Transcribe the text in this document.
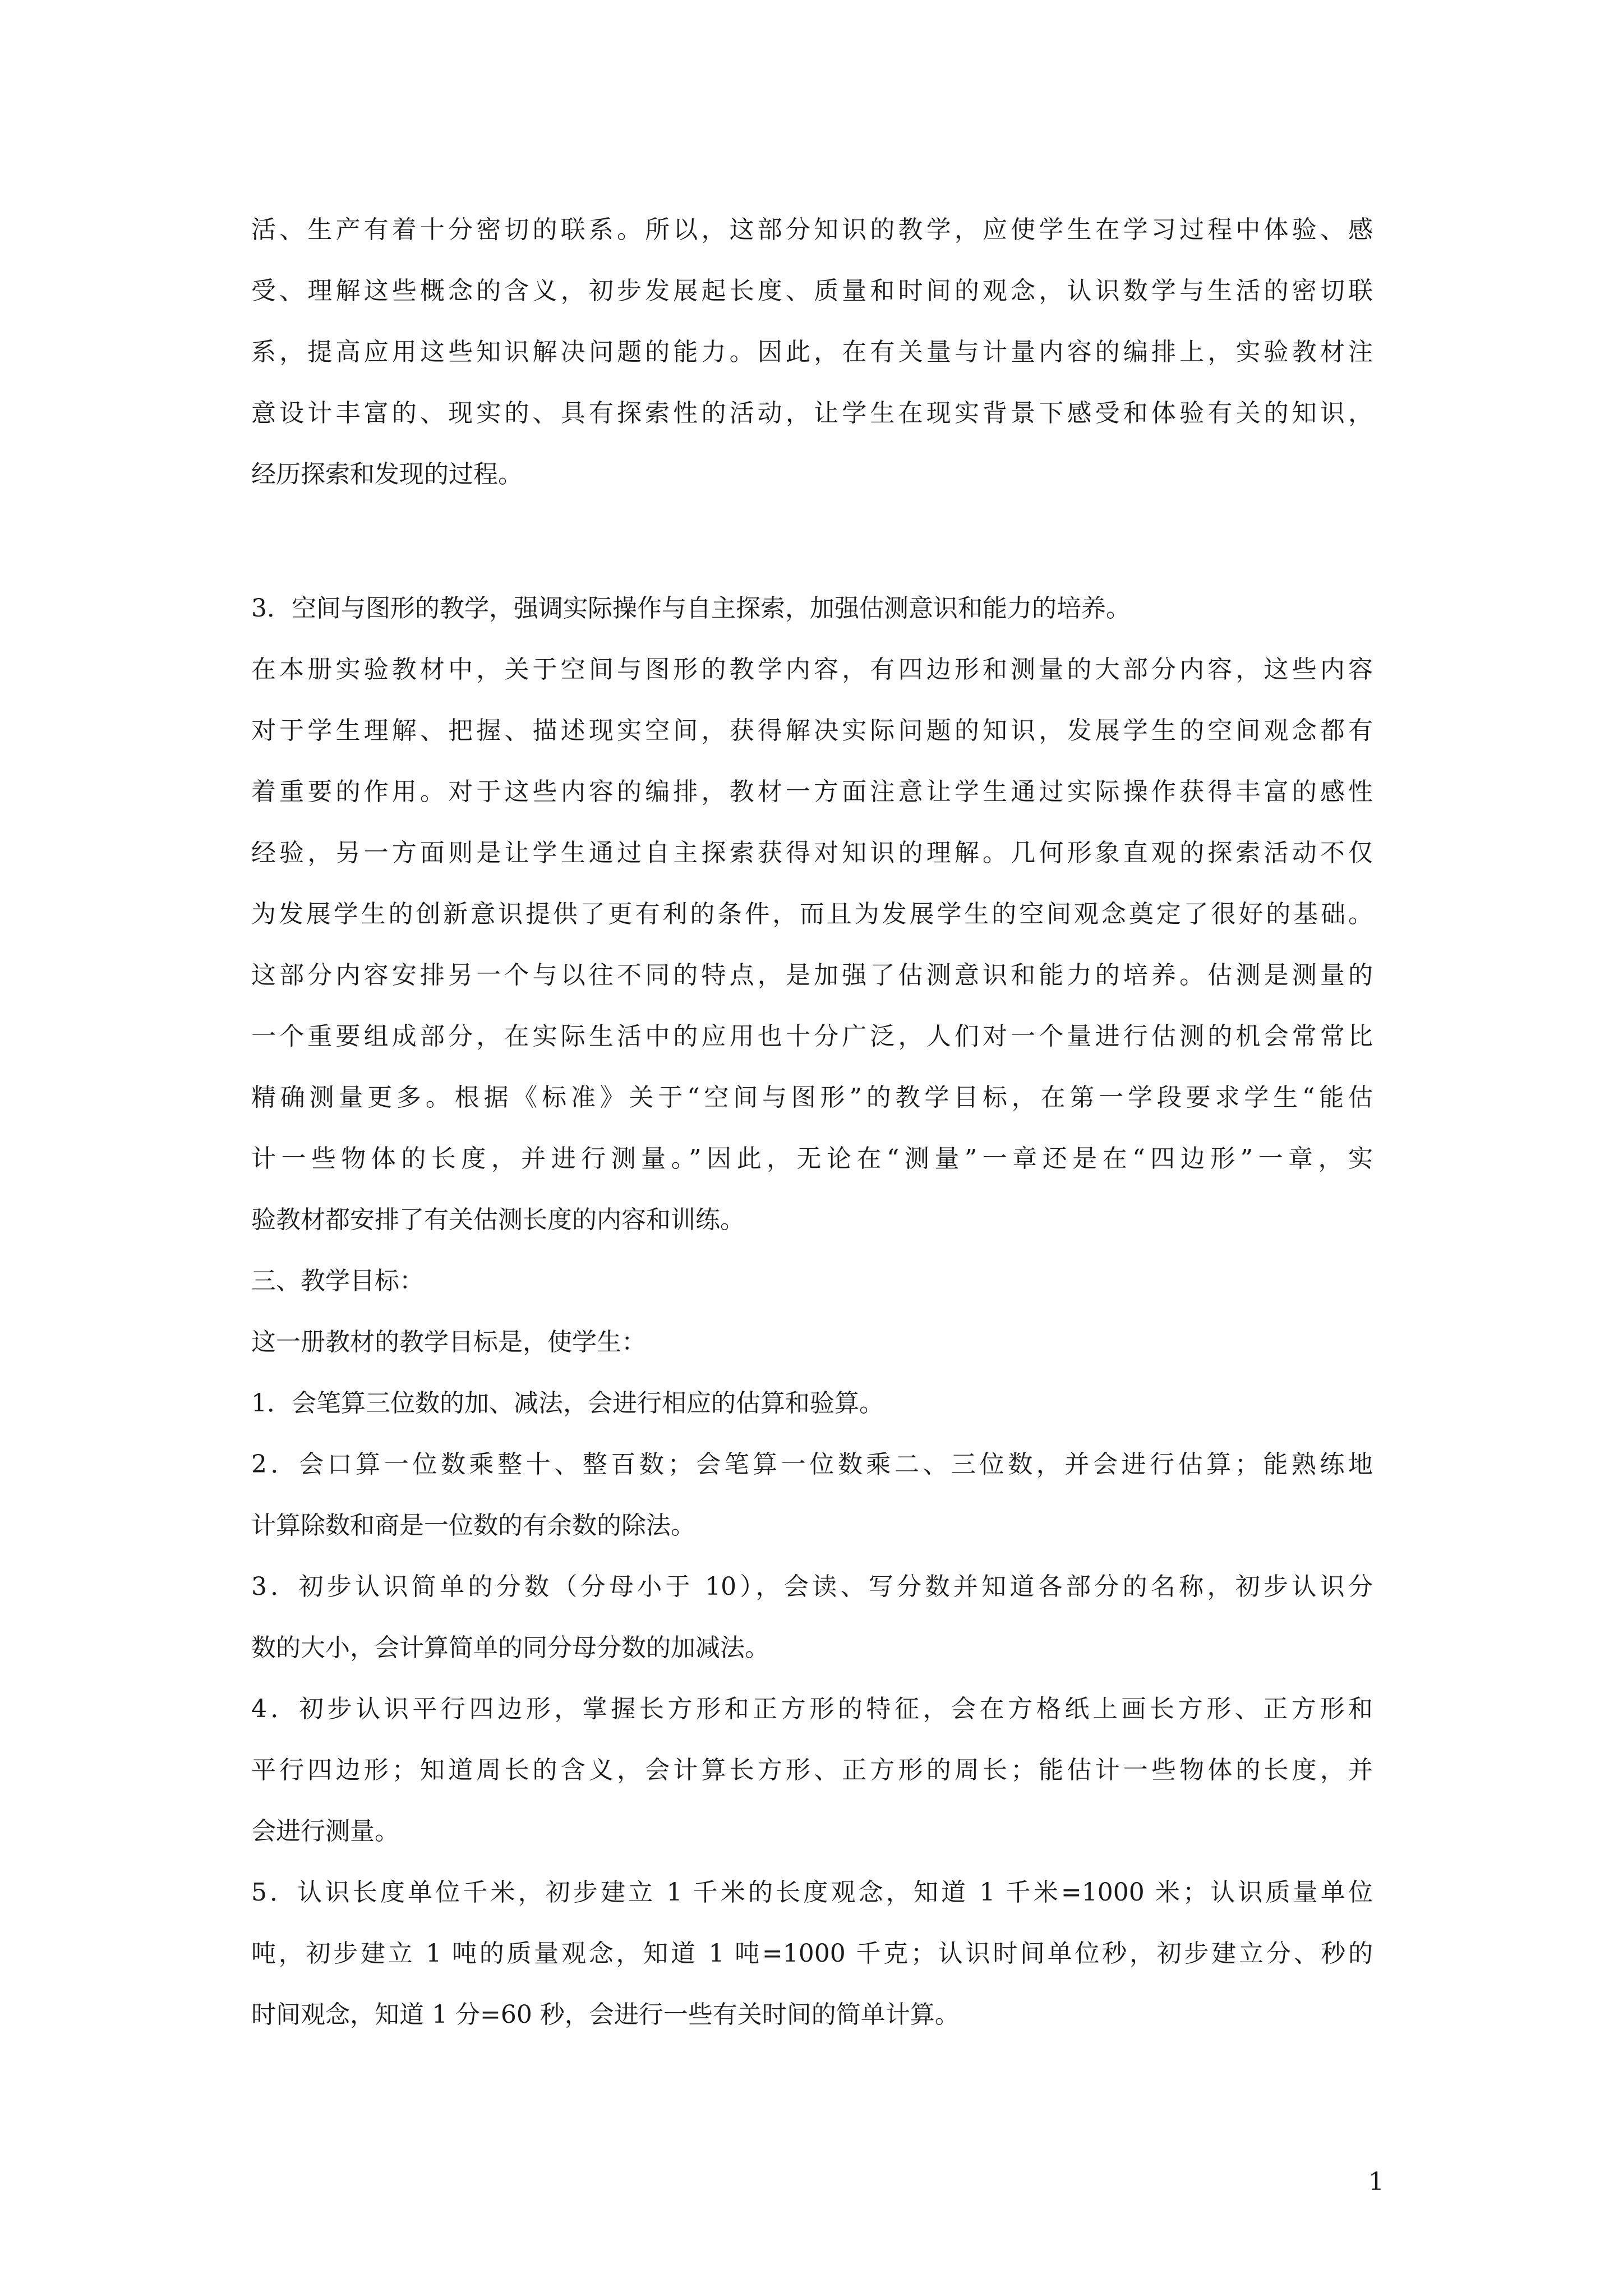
活、生产有着十分密切的联系。所以，这部分知识的教学，应使学生在学习过程中体验、感
受、理解这些概念的含义，初步发展起长度、质量和时间的观念，认识数学与生活的密切联
系，提高应用这些知识解决问题的能力。因此，在有关量与计量内容的编排上，实验教材注
意设计丰富的、现实的、具有探索性的活动，让学生在现实背景下感受和体验有关的知识，
经历探索和发现的过程。
3．空间与图形的教学，强调实际操作与自主探索，加强估测意识和能力的培养。
在本册实验教材中，关于空间与图形的教学内容，有四边形和测量的大部分内容，这些内容
对于学生理解、把握、描述现实空间，获得解决实际问题的知识，发展学生的空间观念都有
着重要的作用。对于这些内容的编排，教材一方面注意让学生通过实际操作获得丰富的感性
经验，另一方面则是让学生通过自主探索获得对知识的理解。几何形象直观的探索活动不仅
为发展学生的创新意识提供了更有利的条件，而且为发展学生的空间观念奠定了很好的基础。
这部分内容安排另一个与以往不同的特点，是加强了估测意识和能力的培养。估测是测量的
一个重要组成部分，在实际生活中的应用也十分广泛，人们对一个量进行估测的机会常常比
精确测量更多。根据《标准》关于“空间与图形”的教学目标，在第一学段要求学生“能估
计一些物体的长度，并进行测量。”因此，无论在“测量”一章还是在“四边形”一章，实
验教材都安排了有关估测长度的内容和训练。
三、教学目标：
这一册教材的教学目标是，使学生：
1．会笔算三位数的加、减法，会进行相应的估算和验算。
2．会口算一位数乘整十、整百数；会笔算一位数乘二、三位数，并会进行估算；能熟练地
计算除数和商是一位数的有余数的除法。
3．初步认识简单的分数（分母小于 10），会读、写分数并知道各部分的名称，初步认识分
数的大小，会计算简单的同分母分数的加减法。
4．初步认识平行四边形，掌握长方形和正方形的特征，会在方格纸上画长方形、正方形和
平行四边形；知道周长的含义，会计算长方形、正方形的周长；能估计一些物体的长度，并
会进行测量。
5．认识长度单位千米，初步建立 1 千米的长度观念，知道 1 千米=1000 米；认识质量单位
吨，初步建立 1 吨的质量观念，知道 1 吨=1000 千克；认识时间单位秒，初步建立分、秒的
时间观念，知道 1 分=60 秒，会进行一些有关时间的简单计算。
1
